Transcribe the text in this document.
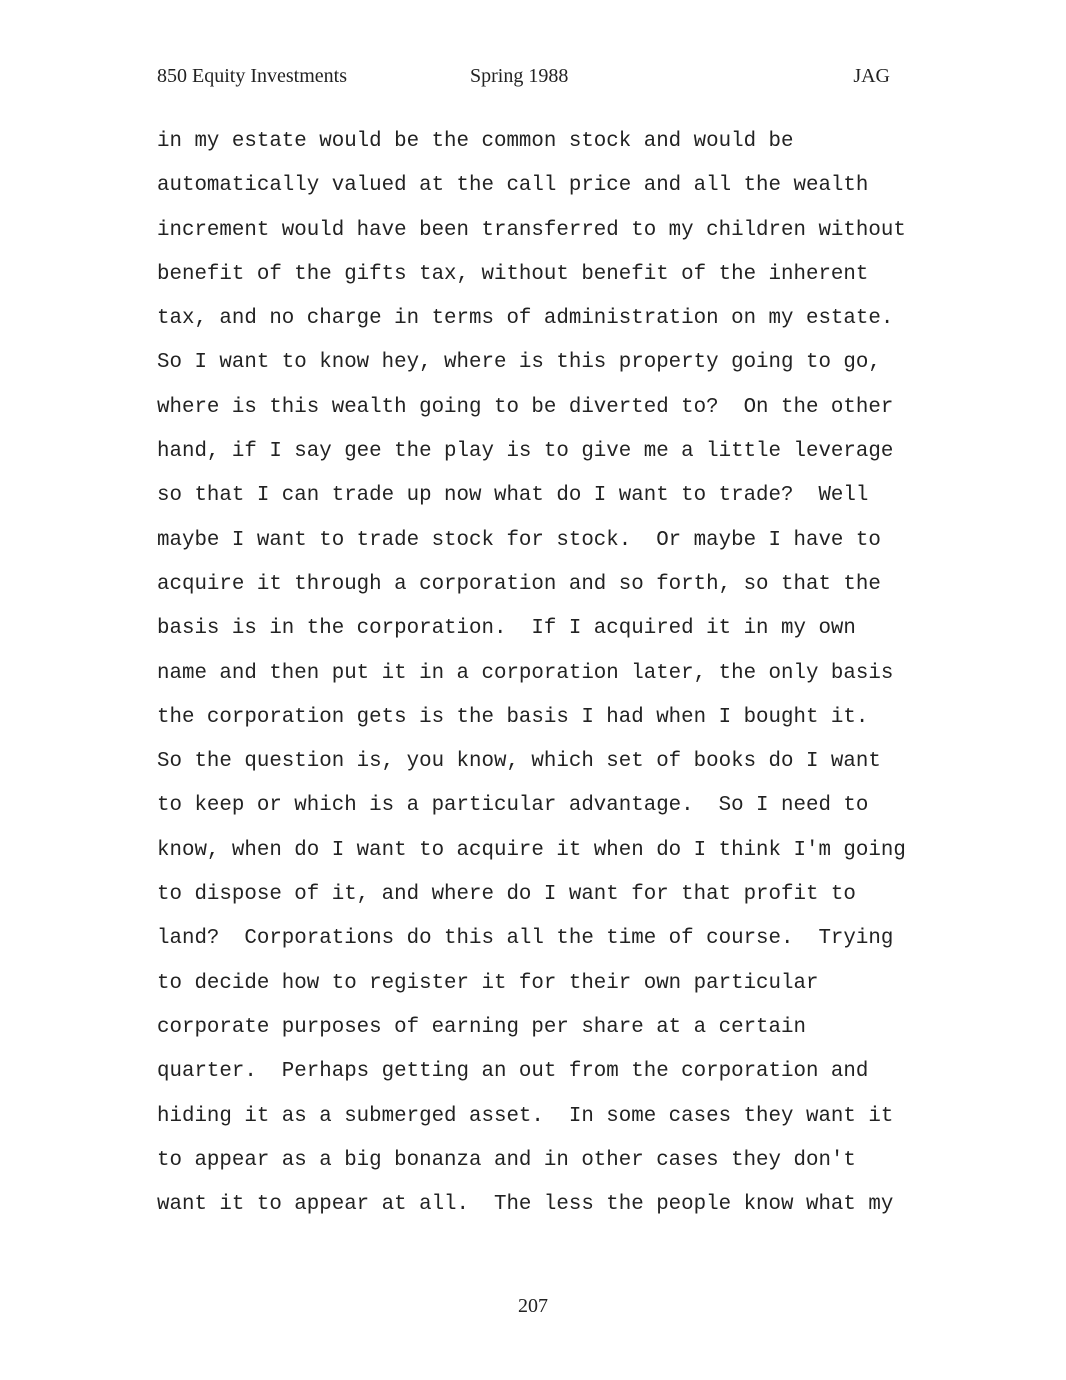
850 Equity Investments	Spring 1988	JAG
in my estate would be the common stock and would be
automatically valued at the call price and all the wealth
increment would have been transferred to my children without
benefit of the gifts tax, without benefit of the inherent
tax, and no charge in terms of administration on my estate.
So I want to know hey, where is this property going to go,
where is this wealth going to be diverted to?  On the other
hand, if I say gee the play is to give me a little leverage
so that I can trade up now what do I want to trade?  Well
maybe I want to trade stock for stock.  Or maybe I have to
acquire it through a corporation and so forth, so that the
basis is in the corporation.  If I acquired it in my own
name and then put it in a corporation later, the only basis
the corporation gets is the basis I had when I bought it.
So the question is, you know, which set of books do I want
to keep or which is a particular advantage.  So I need to
know, when do I want to acquire it when do I think I'm going
to dispose of it, and where do I want for that profit to
land?  Corporations do this all the time of course.  Trying
to decide how to register it for their own particular
corporate purposes of earning per share at a certain
quarter.  Perhaps getting an out from the corporation and
hiding it as a submerged asset.  In some cases they want it
to appear as a big bonanza and in other cases they don't
want it to appear at all.  The less the people know what my
207
